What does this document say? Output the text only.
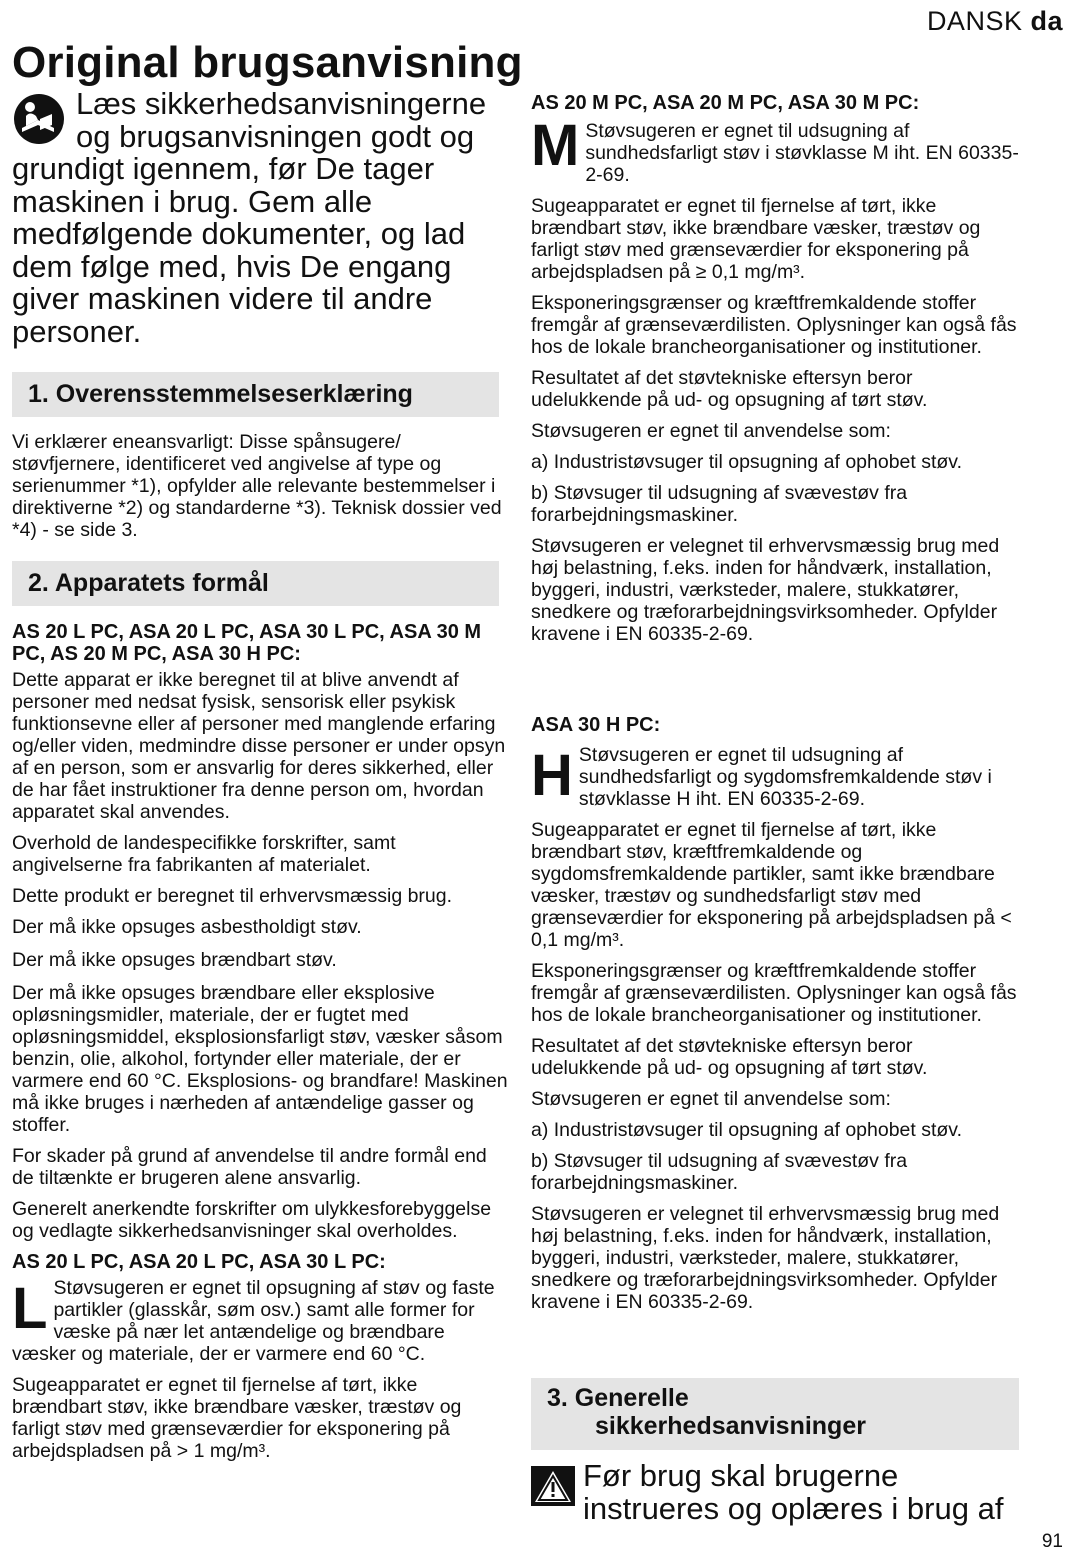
DANSK da
Original brugsanvisning
Læs sikkerhedsanvisningerne og brugsanvisningen godt og grundigt igennem, før De tager maskinen i brug. Gem alle medfølgende dokumenter, og lad dem følge med, hvis De engang giver maskinen videre til andre personer.
1. Overensstemmelseserklæring

Vi erklærer eneansvarligt: Disse spånsugere/ støvfjernere, identificeret ved angivelse af type og serienummer *1), opfylder alle relevante bestemmelser i direktiverne *2) og standarderne *3). Teknisk dossier ved *4) - se side 3.

2. Apparatets formål

AS 20 L PC, ASA 20 L PC, ASA 30 L PC, ASA 30 M PC, AS 20 M PC, ASA 30 H PC:

Dette apparat er ikke beregnet til at blive anvendt af personer med nedsat fysisk, sensorisk eller psykisk funktionsevne eller af personer med manglende erfaring og/eller viden, medmindre disse personer er under opsyn af en person, som er ansvarlig for deres sikkerhed, eller de har fået instruktioner fra denne person om, hvordan apparatet skal anvendes.

Overhold de landespecifikke forskrifter, samt angivelserne fra fabrikanten af materialet.

Dette produkt er beregnet til erhvervsmæssig brug.

Der må ikke opsuges asbestholdigt støv.

Der må ikke opsuges brændbart støv.

Der må ikke opsuges brændbare eller eksplosive opløsningsmidler, materiale, der er fugtet med opløsningsmiddel, eksplosionsfarligt støv, væsker såsom benzin, olie, alkohol, fortynder eller materiale, der er varmere end 60 °C. Eksplosions- og brandfare! Maskinen må ikke bruges i nærheden af antændelige gasser og stoffer.

For skader på grund af anvendelse til andre formål end de tiltænkte er brugeren alene ansvarlig.

Generelt anerkendte forskrifter om ulykkesforebyggelse og vedlagte sikkerhedsanvisninger skal overholdes.

AS 20 L PC, ASA 20 L PC, ASA 30 L PC:

L Støvsugeren er egnet til opsugning af støv og faste partikler (glasskår, søm osv.) samt alle former for væske på nær let antændelige og brændbare væsker og materiale, der er varmere end 60 °C.

Sugeapparatet er egnet til fjernelse af tørt, ikke brændbart støv, ikke brændbare væsker, træstøv og farligt støv med grænseværdier for eksponering på arbejdspladsen på > 1 mg/m³.

AS 20 M PC, ASA 20 M PC, ASA 30 M PC:

M Støvsugeren er egnet til udsugning af sundhedsfarligt støv i støvklasse M iht. EN 60335-2-69.

Sugeapparatet er egnet til fjernelse af tørt, ikke brændbart støv, ikke brændbare væsker, træstøv og farligt støv med grænseværdier for eksponering på arbejdspladsen på ≥ 0,1 mg/m³.

Eksponeringsgrænser og kræftfremkaldende stoffer fremgår af grænseværdilisten. Oplysninger kan også fås hos de lokale brancheorganisationer og institutioner.

Resultatet af det støvtekniske eftersyn beror udelukkende på ud- og opsugning af tørt støv.

Støvsugeren er egnet til anvendelse som:

a) Industristøvsuger til opsugning af ophobet støv.

b) Støvsuger til udsugning af svævestøv fra forarbejdningsmaskiner.

Støvsugeren er velegnet til erhvervsmæssig brug med høj belastning, f.eks. inden for håndværk, installation, byggeri, industri, værksteder, malere, stukkatører, snedkere og træforarbejdningsvirksomheder. Opfylder kravene i EN 60335-2-69.

ASA 30 H PC:

H Støvsugeren er egnet til udsugning af sundhedsfarligt og sygdomsfremkaldende støv i støvklasse H iht. EN 60335-2-69.

Sugeapparatet er egnet til fjernelse af tørt, ikke brændbart støv, kræftfremkaldende og sygdomsfremkaldende partikler, samt ikke brændbare væsker, træstøv og sundhedsfarligt støv med grænseværdier for eksponering på arbejdspladsen på < 0,1 mg/m³.

Eksponeringsgrænser og kræftfremkaldende stoffer fremgår af grænseværdilisten. Oplysninger kan også fås hos de lokale brancheorganisationer og institutioner.

Resultatet af det støvtekniske eftersyn beror udelukkende på ud- og opsugning af tørt støv.

Støvsugeren er egnet til anvendelse som:

a) Industristøvsuger til opsugning af ophobet støv.

b) Støvsuger til udsugning af svævestøv fra forarbejdningsmaskiner.

Støvsugeren er velegnet til erhvervsmæssig brug med høj belastning, f.eks. inden for håndværk, installation, byggeri, industri, værksteder, malere, stukkatører, snedkere og træforarbejdningsvirksomheder. Opfylder kravene i EN 60335-2-69.

3. Generelle
sikkerhedsanvisninger
Før brug skal brugerne instrueres og oplæres i brug af
91
